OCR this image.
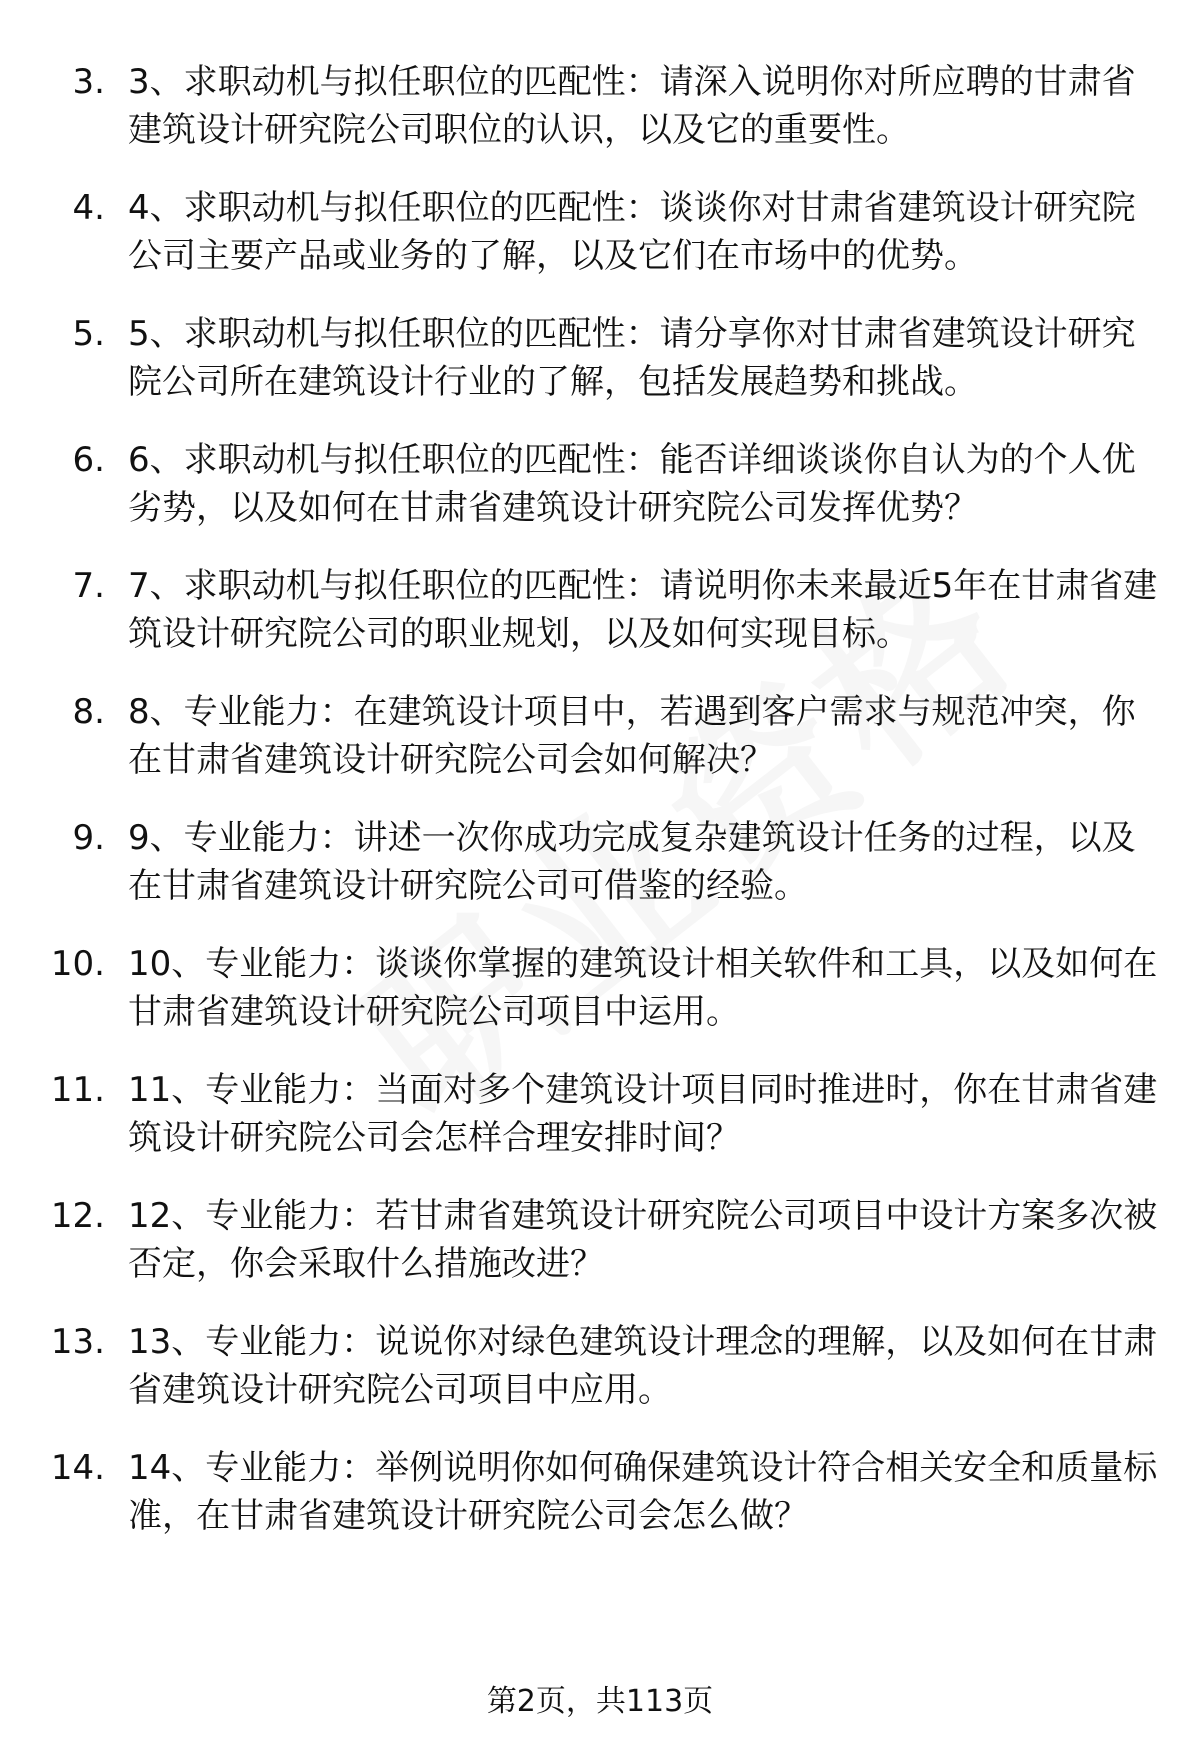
3. 3、求职动机与拟任职位的匹配性：请深入说明你对所应聘的甘肃省建筑设计研究院公司职位的认识，以及它的重要性。

4. 4、求职动机与拟任职位的匹配性：谈谈你对甘肃省建筑设计研究院公司主要产品或业务的了解，以及它们在市场中的优势。

5. 5、求职动机与拟任职位的匹配性：请分享你对甘肃省建筑设计研究院公司所在建筑设计行业的了解，包括发展趋势和挑战。

6. 6、求职动机与拟任职位的匹配性：能否详细谈谈你自认为的个人优劣势，以及如何在甘肃省建筑设计研究院公司发挥优势？

7. 7、求职动机与拟任职位的匹配性：请说明你未来最近5年在甘肃省建筑设计研究院公司的职业规划，以及如何实现目标。

8. 8、专业能力：在建筑设计项目中，若遇到客户需求与规范冲突，你在甘肃省建筑设计研究院公司会如何解决？

9. 9、专业能力：讲述一次你成功完成复杂建筑设计任务的过程，以及在甘肃省建筑设计研究院公司可借鉴的经验。

10. 10、专业能力：谈谈你掌握的建筑设计相关软件和工具，以及如何在甘肃省建筑设计研究院公司项目中运用。

11. 11、专业能力：当面对多个建筑设计项目同时推进时，你在甘肃省建筑设计研究院公司会怎样合理安排时间？

12. 12、专业能力：若甘肃省建筑设计研究院公司项目中设计方案多次被否定，你会采取什么措施改进？

13. 13、专业能力：说说你对绿色建筑设计理念的理解，以及如何在甘肃省建筑设计研究院公司项目中应用。

14. 14、专业能力：举例说明你如何确保建筑设计符合相关安全和质量标准，在甘肃省建筑设计研究院公司会怎么做？

第2页，共113页
